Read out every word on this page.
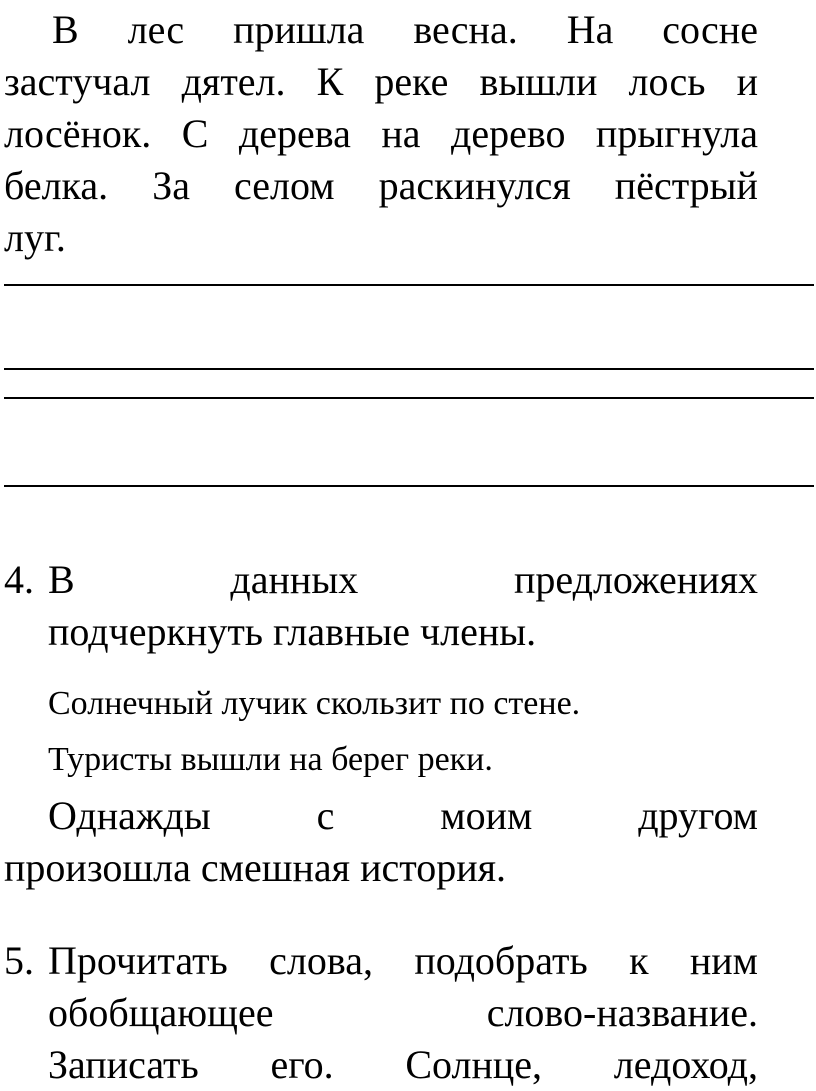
В лес пришла весна. На сосне
застучал дятел. К реке вышли лось и
лосёнок. С дерева на дерево прыгнула
белка. За селом раскинулся пёстрый
луг.
4. В	данных	предложениях
подчеркнуть главные члены.
Солнечный лучик скользит по стене.
Туристы вышли на берег реки.
Однажды	с	моим	другом
произошла смешная история.
5. Прочитать слова, подобрать к ним
обобщающее	слово-название.
Записать его. Солнце, ледоход,
